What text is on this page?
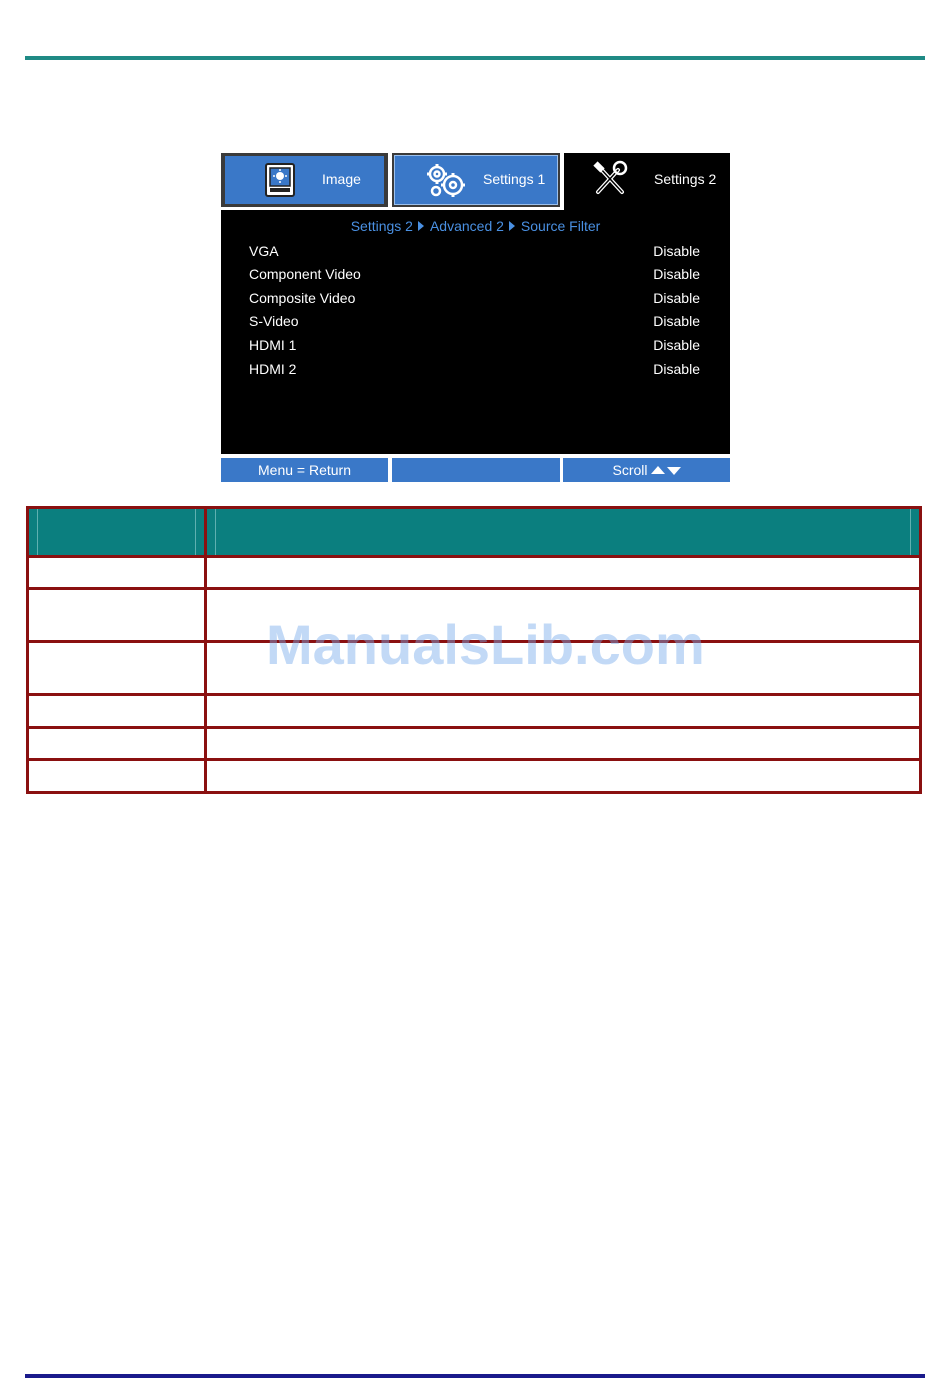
Image	Settings 1	Settings 2
Settings 2 Advanced 2 Source Filter
VGA	Disable
Component Video	Disable
Composite Video	Disable
S-Video	Disable
HDMI 1	Disable
HDMI 2	Disable
Menu = Return	Scroll

ManualsLib.com
